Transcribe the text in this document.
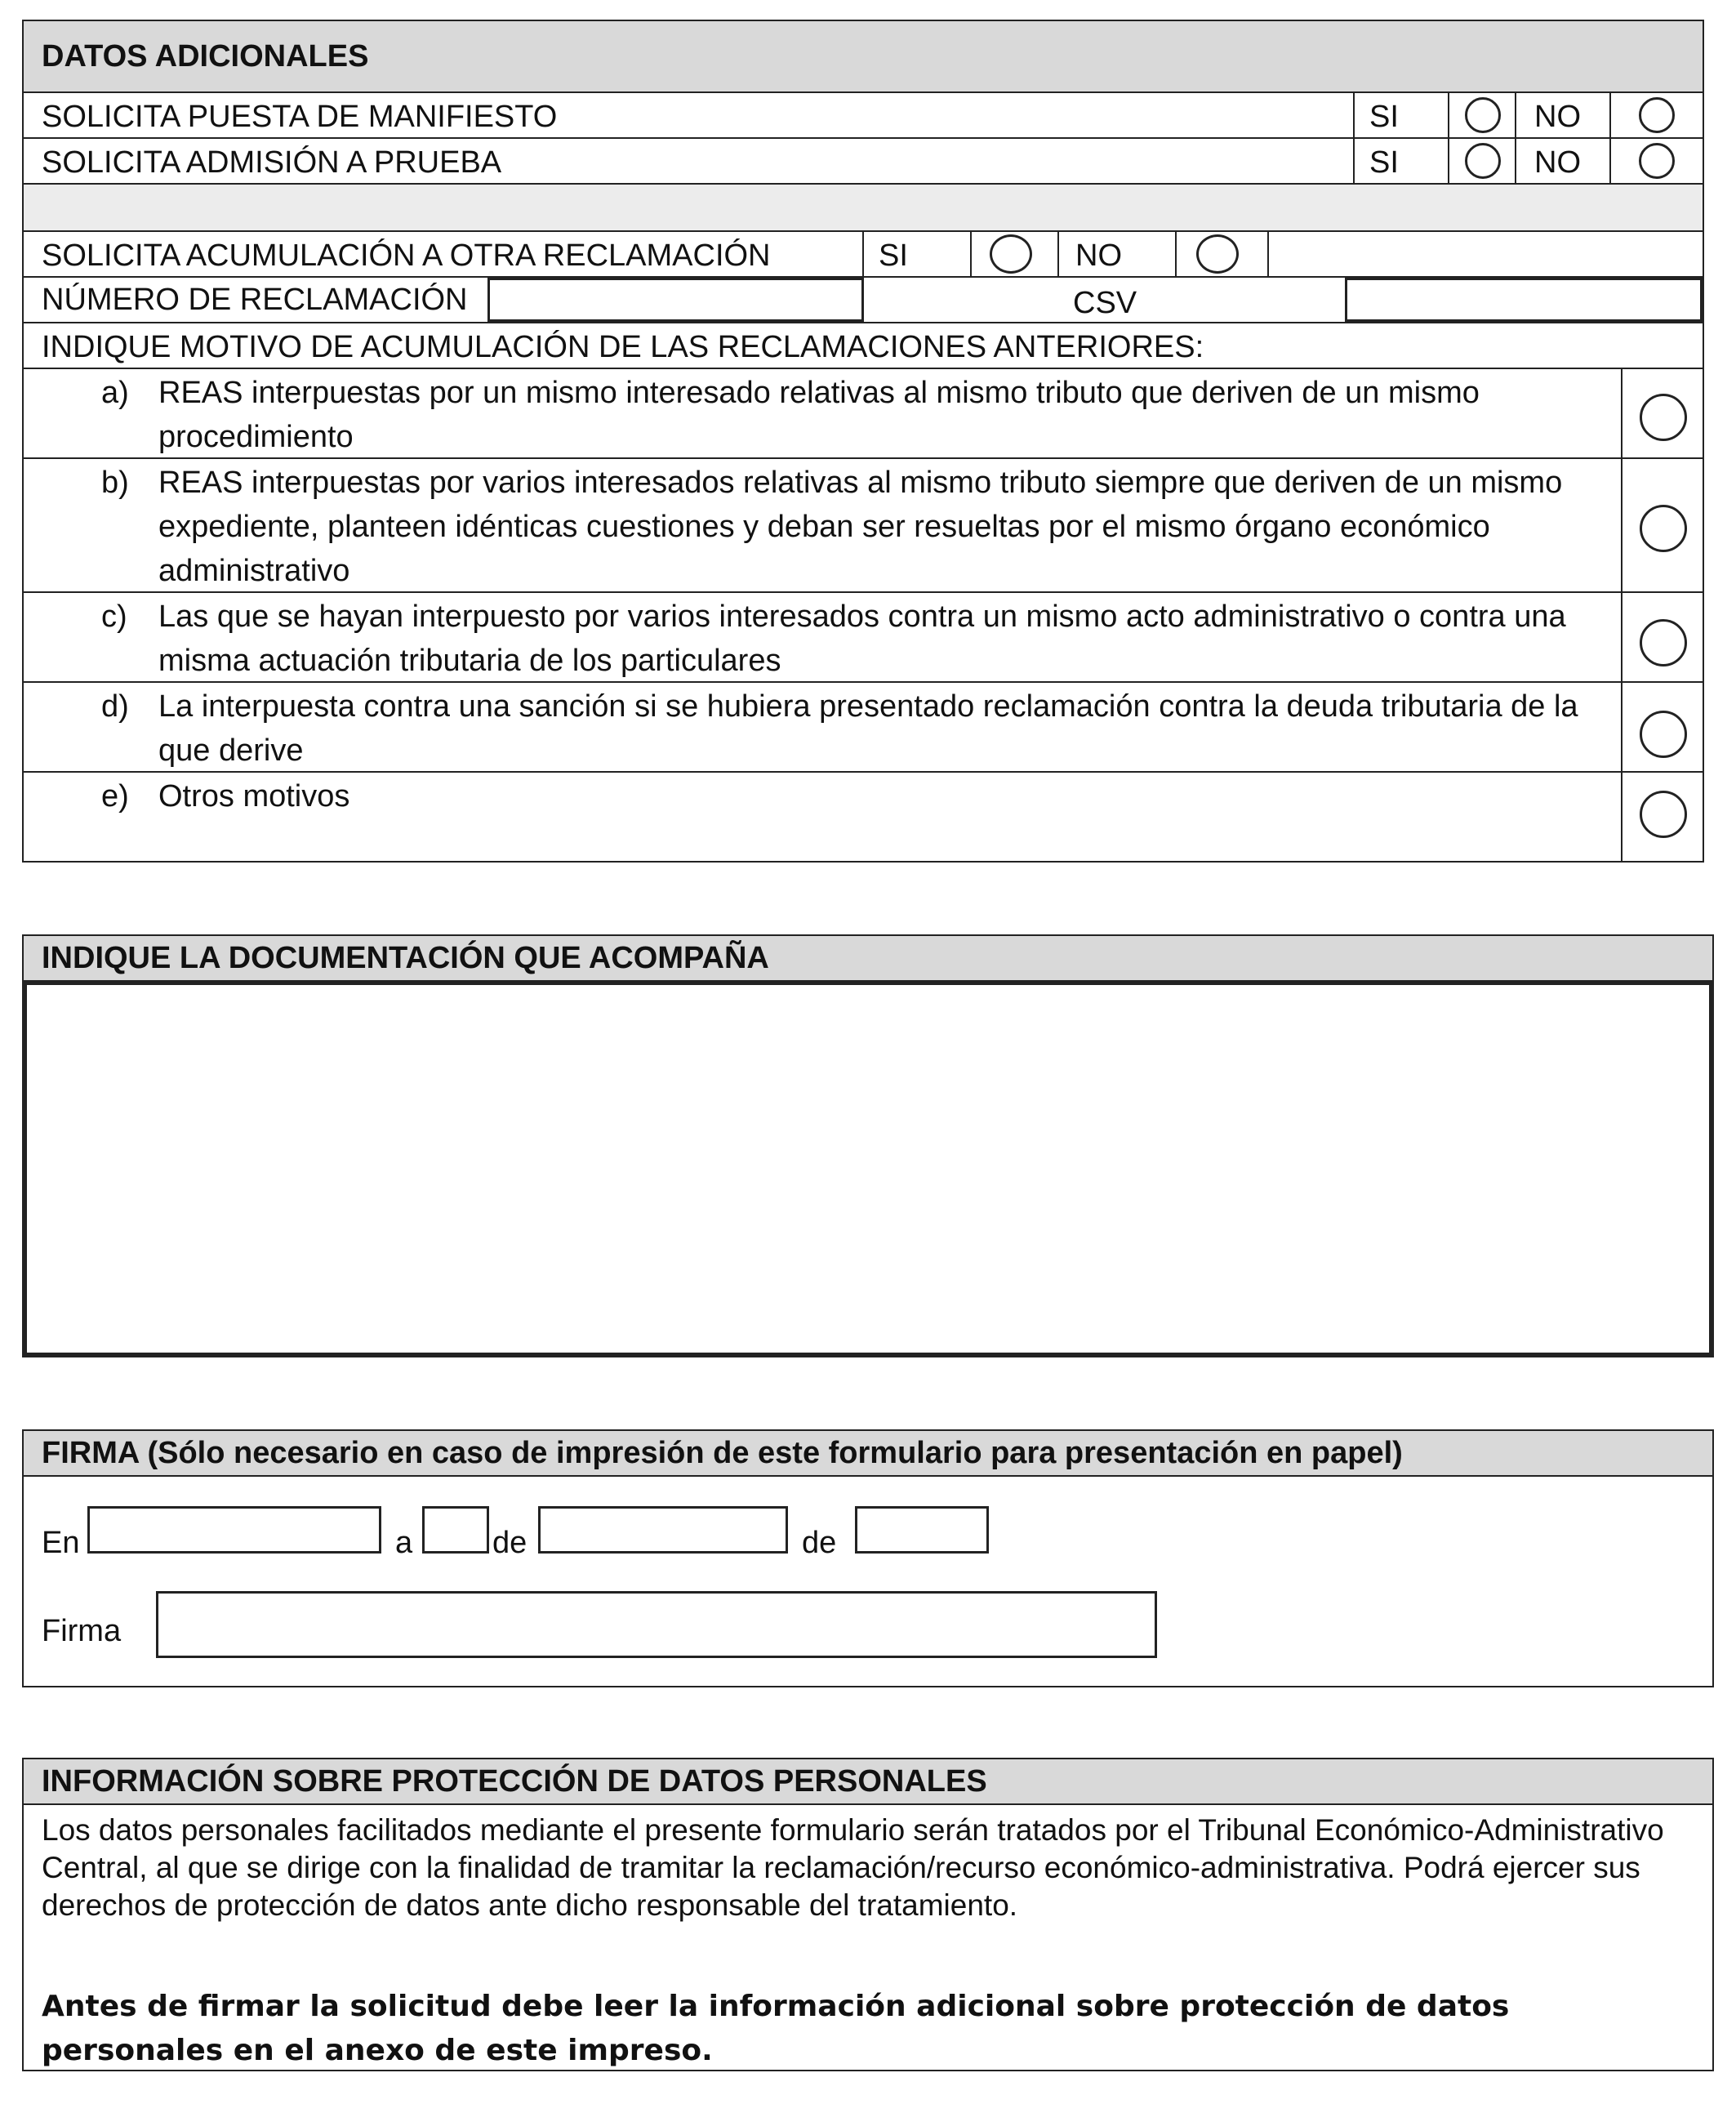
DATOS ADICIONALES
SOLICITA PUESTA DE MANIFIESTO	SI	NO
SOLICITA ADMISIÓN A PRUEBA	SI	NO
SOLICITA ACUMULACIÓN A OTRA RECLAMACIÓN	SI	NO
NÚMERO DE RECLAMACIÓN	CSV
INDIQUE MOTIVO DE ACUMULACIÓN DE LAS RECLAMACIONES ANTERIORES:
a) REAS interpuestas por un mismo interesado relativas al mismo tributo que deriven de un mismo procedimiento
b) REAS interpuestas por varios interesados relativas al mismo tributo siempre que deriven de un mismo expediente, planteen idénticas cuestiones y deban ser resueltas por el mismo órgano económico administrativo
c) Las que se hayan interpuesto por varios interesados contra un mismo acto administrativo o contra una misma actuación tributaria de los particulares
d) La interpuesta contra una sanción si se hubiera presentado reclamación contra la deuda tributaria de la que derive
e) Otros motivos
INDIQUE LA DOCUMENTACIÓN QUE ACOMPAÑA
FIRMA (Sólo necesario en caso de impresión de este formulario para presentación en papel)
En	a	de	de
Firma
INFORMACIÓN SOBRE PROTECCIÓN DE DATOS PERSONALES
Los datos personales facilitados mediante el presente formulario serán tratados por el Tribunal Económico-Administrativo Central, al que se dirige con la finalidad de tramitar la reclamación/recurso económico-administrativa. Podrá ejercer sus derechos de protección de datos ante dicho responsable del tratamiento.
Antes de firmar la solicitud debe leer la información adicional sobre protección de datos personales en el anexo de este impreso.
